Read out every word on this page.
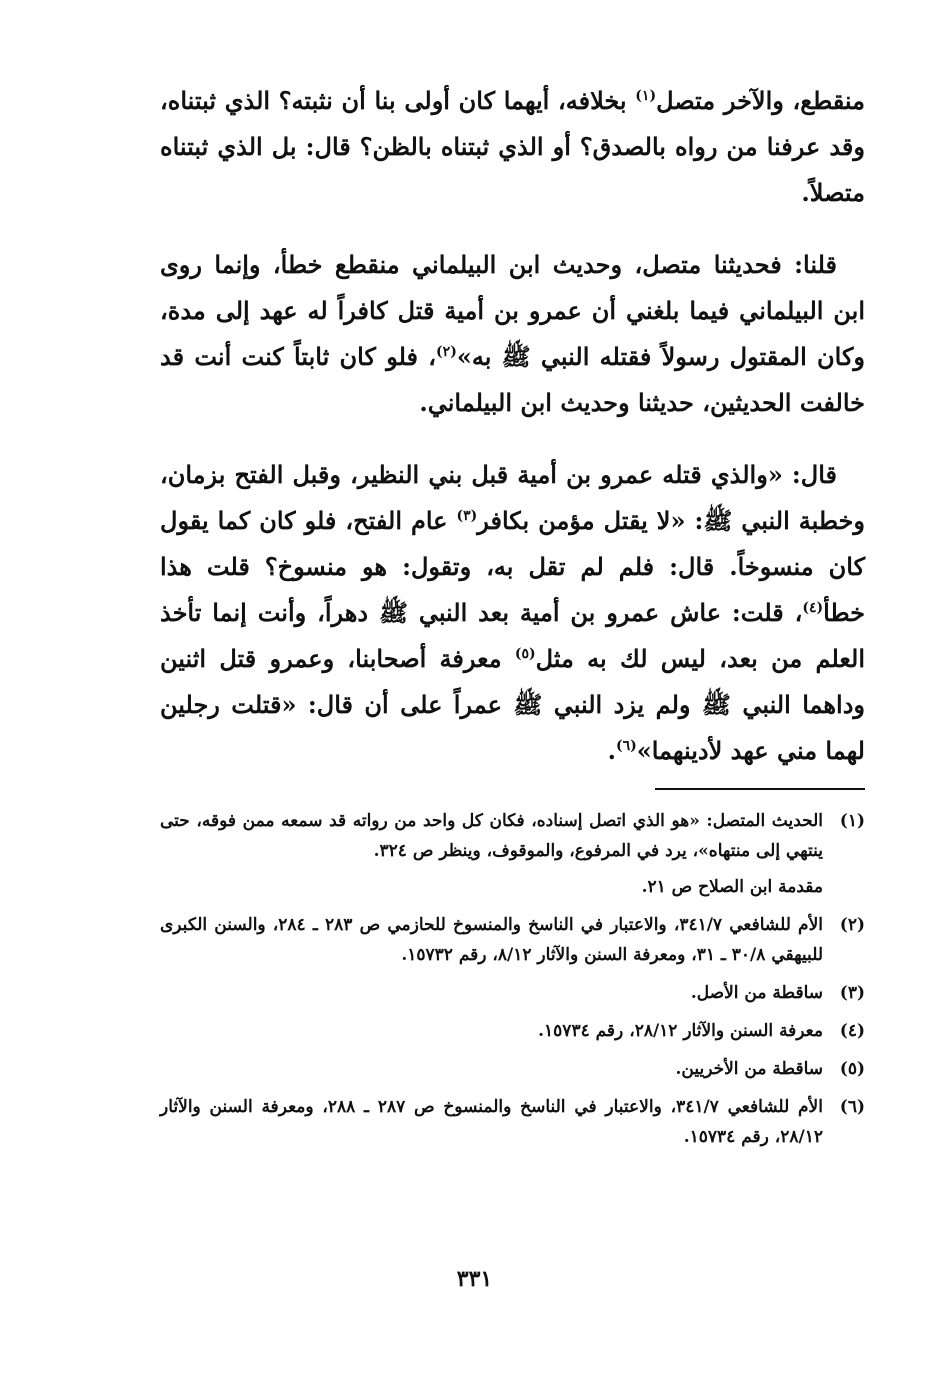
منقطع، والآخر متصل$^{(١)}$ بخلافه، أيهما كان أولى بنا أن نثبته؟ الذي ثبتناه، وقد عرفنا من رواه بالصدق؟ أو الذي ثبتناه بالظن؟ قال: بل الذي ثبتناه متصلاً.

قلنا: فحديثنا متصل، وحديث ابن البيلماني منقطع خطأ، وإنما روى ابن البيلماني فيما بلغني أن عمرو بن أمية قتل كافراً له عهد إلى مدة، وكان المقتول رسولاً فقتله النبي ﷺ به»$^{(٢)}$، فلو كان ثابتاً كنت أنت قد خالفت الحديثين، حديثنا وحديث ابن البيلماني.

قال: «والذي قتله عمرو بن أمية قبل بني النظير، وقبل الفتح بزمان، وخطبة النبي ﷺ: «لا يقتل مؤمن بكافر$^{(٣)}$ عام الفتح، فلو كان كما يقول كان منسوخاً. قال: فلم لم تقل به، وتقول: هو منسوخ؟ قلت هذا خطأ$^{(٤)}$، قلت: عاش عمرو بن أمية بعد النبي ﷺ دهراً، وأنت إنما تأخذ العلم من بعد، ليس لك به مثل$^{(٥)}$ معرفة أصحابنا، وعمرو قتل اثنين وداهما النبي ﷺ ولم يزد النبي ﷺ عمراً على أن قال: «قتلت رجلين لهما مني عهد لأدينهما»$^{(٦)}$.

(١)
الحديث المتصل: «هو الذي اتصل إسناده، فكان كل واحد من رواته قد سمعه ممن فوقه، حتى ينتهي إلى منتهاه»، يرد في المرفوع، والموقوف، وينظر ص ٣٢٤.
مقدمة ابن الصلاح ص ٢١.
(٢)
الأم للشافعي ٣٤١/٧، والاعتبار في الناسخ والمنسوخ للحازمي ص ٢٨٣ ـ ٢٨٤، والسنن الكبرى للبيهقي ٣٠/٨ ـ ٣١، ومعرفة السنن والآثار ٨/١٢، رقم ١٥٧٣٢.
(٣)
ساقطة من الأصل.
(٤)
معرفة السنن والآثار ٢٨/١٢، رقم ١٥٧٣٤.
(٥)
ساقطة من الأخريين.
(٦)
الأم للشافعي ٣٤١/٧، والاعتبار في الناسخ والمنسوخ ص ٢٨٧ ـ ٢٨٨، ومعرفة السنن والآثار ٢٨/١٢، رقم ١٥٧٣٤.
٣٣١
